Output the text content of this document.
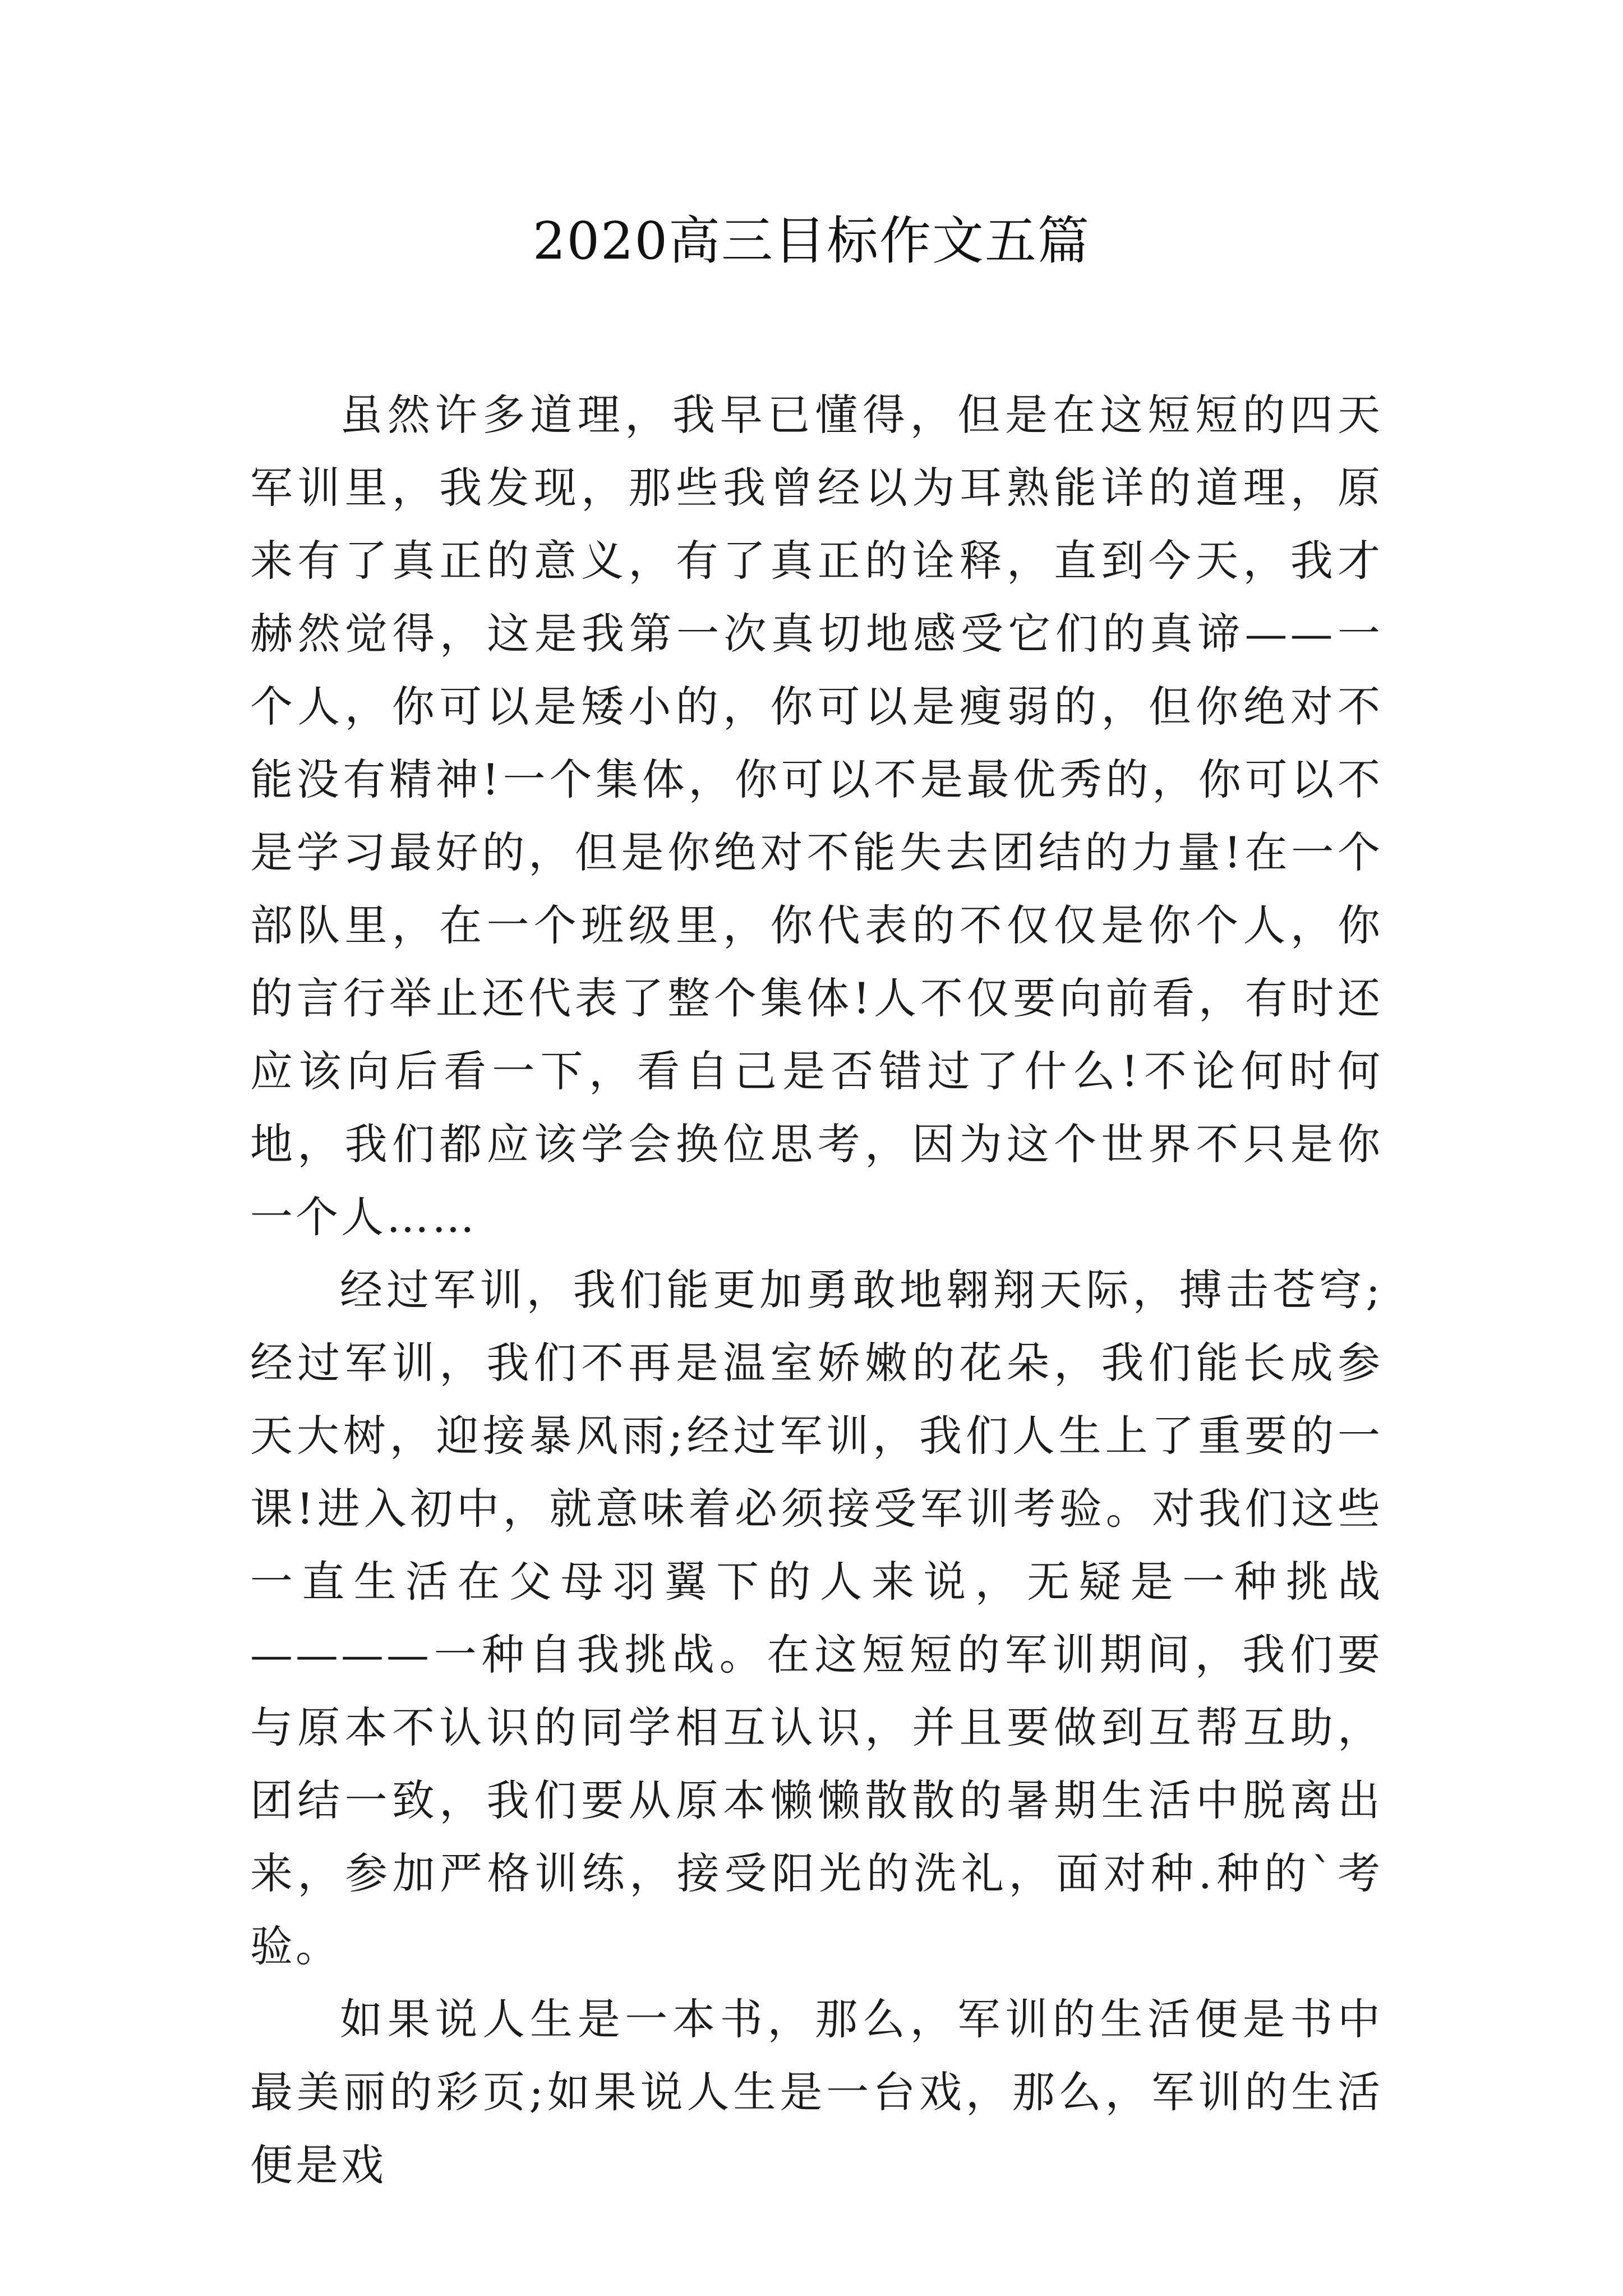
2020高三目标作文五篇

虽然许多道理，我早已懂得，但是在这短短的四天军训里，我发现，那些我曾经以为耳熟能详的道理，原来有了真正的意义，有了真正的诠释，直到今天，我才赫然觉得，这是我第一次真切地感受它们的真谛——一个人，你可以是矮小的，你可以是瘦弱的，但你绝对不能没有精神!一个集体，你可以不是最优秀的，你可以不是学习最好的，但是你绝对不能失去团结的力量!在一个部队里，在一个班级里，你代表的不仅仅是你个人，你的言行举止还代表了整个集体!人不仅要向前看，有时还应该向后看一下，看自己是否错过了什么!不论何时何地，我们都应该学会换位思考，因为这个世界不只是你一个人……

经过军训，我们能更加勇敢地翱翔天际，搏击苍穹;经过军训，我们不再是温室娇嫩的花朵，我们能长成参天大树，迎接暴风雨;经过军训，我们人生上了重要的一课!进入初中，就意味着必须接受军训考验。对我们这些一直生活在父母羽翼下的人来说，无疑是一种挑战————一种自我挑战。在这短短的军训期间，我们要与原本不认识的同学相互认识，并且要做到互帮互助，团结一致，我们要从原本懒懒散散的暑期生活中脱离出来，参加严格训练，接受阳光的洗礼，面对种.种的`考验。

如果说人生是一本书，那么，军训的生活便是书中最美丽的彩页;如果说人生是一台戏，那么，军训的生活便是戏
